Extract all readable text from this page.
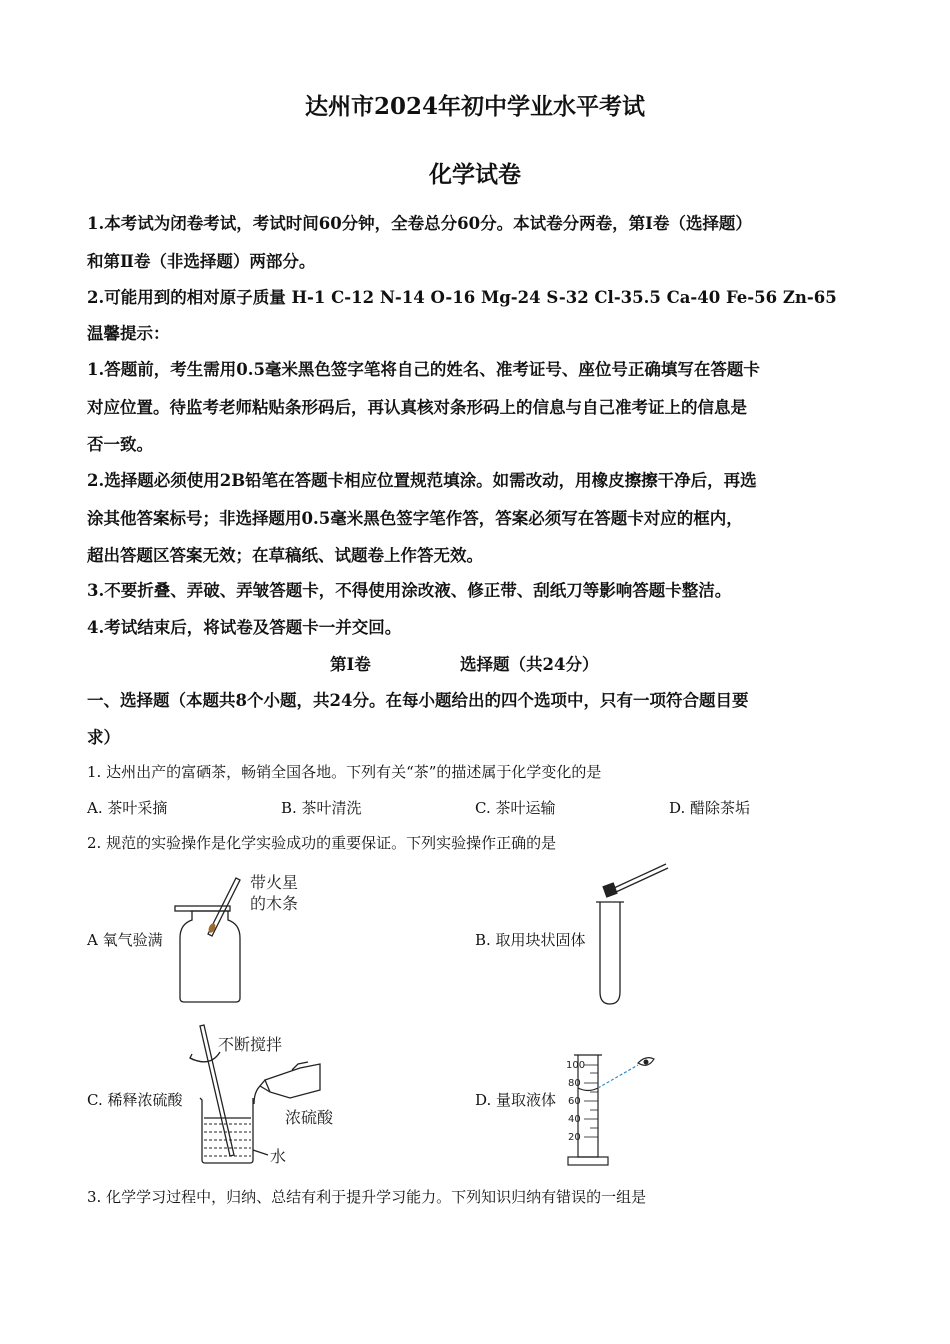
达州市2024年初中学业水平考试
化学试卷
1.本考试为闭卷考试，考试时间60分钟，全卷总分60分。本试卷分两卷，第I卷（选择题）
和第Ⅱ卷（非选择题）两部分。
2.可能用到的相对原子质量 H-1 C-12 N-14 O-16 Mg-24 S-32 Cl-35.5 Ca-40 Fe-56 Zn-65
温馨提示：
1.答题前，考生需用0.5毫米黑色签字笔将自己的姓名、准考证号、座位号正确填写在答题卡
对应位置。待监考老师粘贴条形码后，再认真核对条形码上的信息与自己准考证上的信息是
否一致。
2.选择题必须使用2B铅笔在答题卡相应位置规范填涂。如需改动，用橡皮擦擦干净后，再选
涂其他答案标号；非选择题用0.5毫米黑色签字笔作答，答案必须写在答题卡对应的框内，
超出答题区答案无效；在草稿纸、试题卷上作答无效。
3.不要折叠、弄破、弄皱答题卡，不得使用涂改液、修正带、刮纸刀等影响答题卡整洁。
4.考试结束后，将试卷及答题卡一并交回。
第I卷	选择题（共24分）
一、选择题（本题共8个小题，共24分。在每小题给出的四个选项中，只有一项符合题目要
求）
1. 达州出产的富硒茶，畅销全国各地。下列有关“茶”的描述属于化学变化的是
A. 茶叶采摘	B. 茶叶清洗	C. 茶叶运输	D. 醋除茶垢
2. 规范的实验操作是化学实验成功的重要保证。下列实验操作正确的是
A 氧气验满	B. 取用块状固体
C. 稀释浓硫酸	D. 量取液体
带火星
的木条
不断搅拌
浓硫酸
水
100
80
60
40
20
3. 化学学习过程中，归纳、总结有利于提升学习能力。下列知识归纳有错误的一组是
